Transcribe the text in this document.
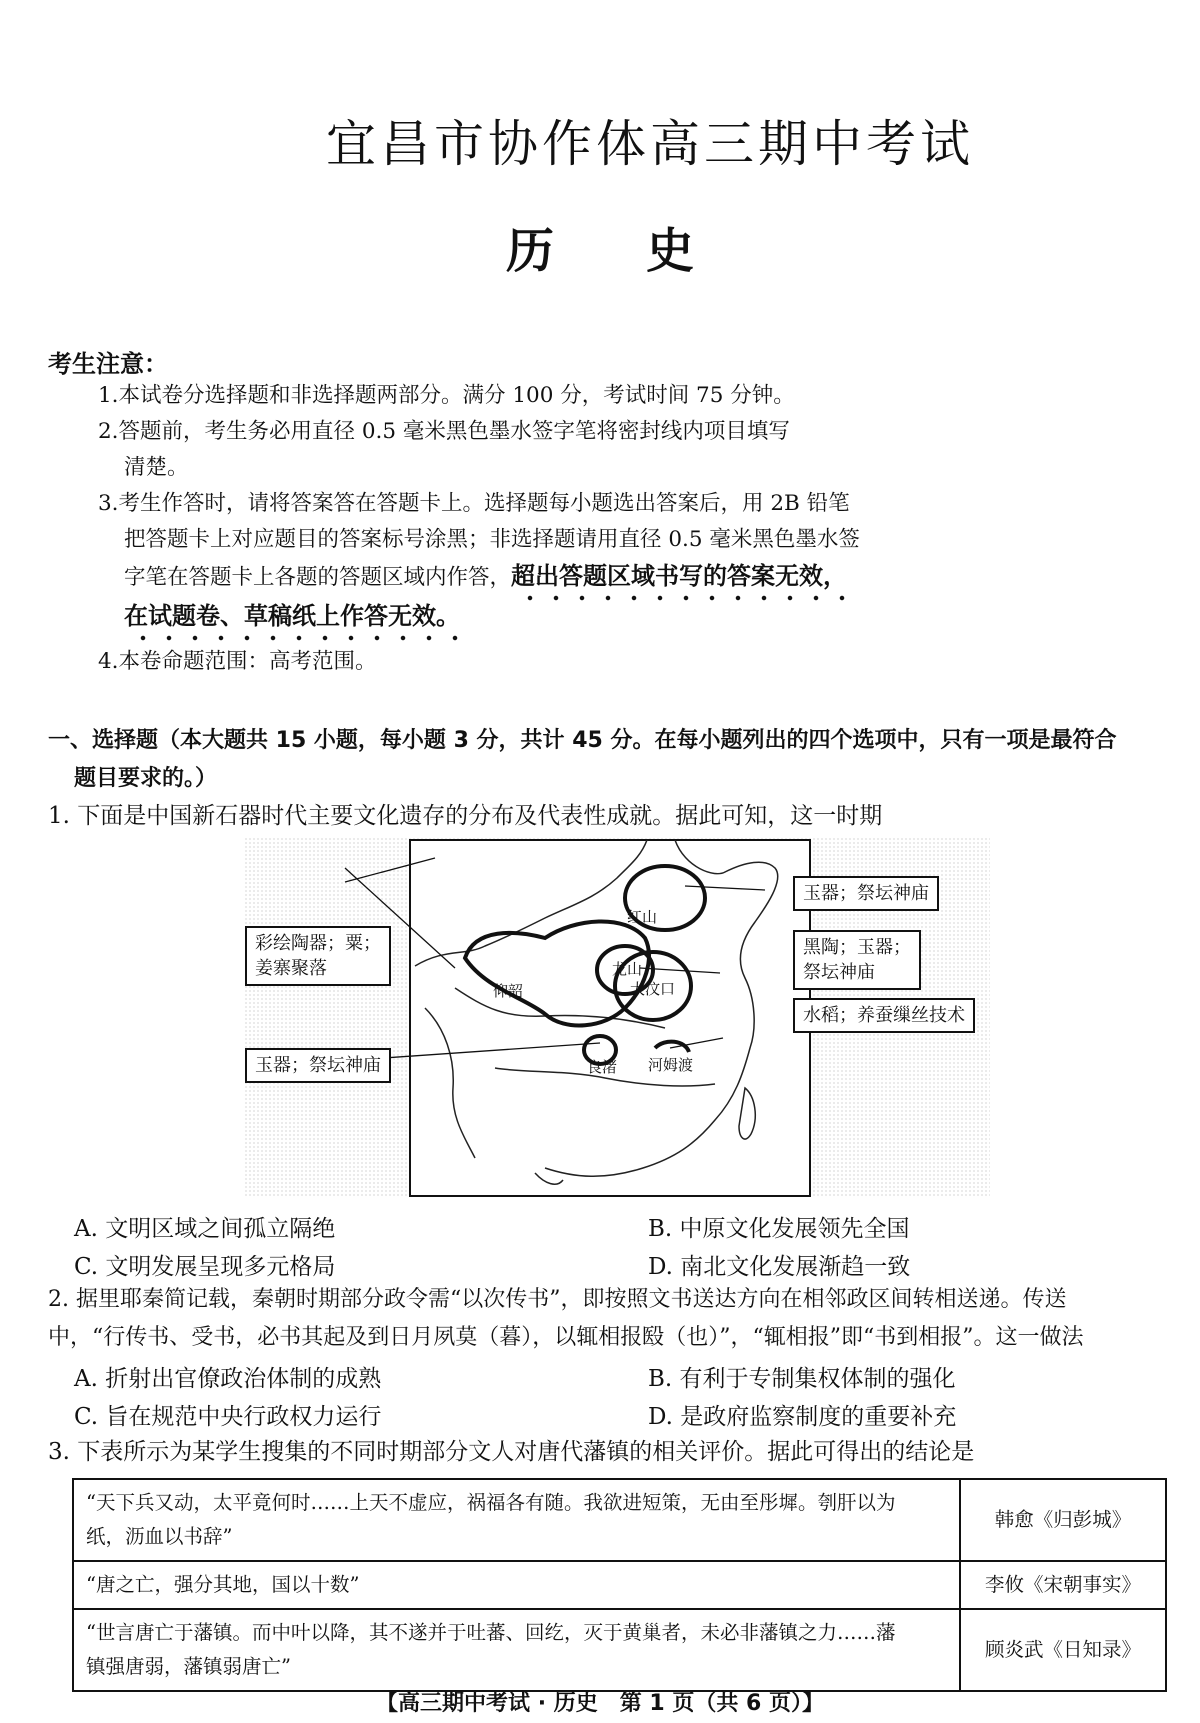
宜昌市协作体高三期中考试
历 史
考生注意：
1.本试卷分选择题和非选择题两部分。满分 100 分，考试时间 75 分钟。
2.答题前，考生务必用直径 0.5 毫米黑色墨水签字笔将密封线内项目填写
清楚。
3.考生作答时，请将答案答在答题卡上。选择题每小题选出答案后，用 2B 铅笔
把答题卡上对应题目的答案标号涂黑；非选择题请用直径 0.5 毫米黑色墨水签
字笔在答题卡上各题的答题区域内作答，超出答题区域书写的答案无效，
在试题卷、草稿纸上作答无效。
4.本卷命题范围：高考范围。
一、选择题（本大题共 15 小题，每小题 3 分，共计 45 分。在每小题列出的四个选项中，只有一项是最符合
题目要求的。）
1. 下面是中国新石器时代主要文化遗存的分布及代表性成就。据此可知，这一时期
红山
龙山
仰韶	大汶口
良渚 河姆渡
玉器；祭坛神庙
彩绘陶器；粟；
姜寨聚落
黑陶；玉器；
祭坛神庙
水稻；养蚕缫丝技术
玉器；祭坛神庙
A. 文明区域之间孤立隔绝	B. 中原文化发展领先全国
C. 文明发展呈现多元格局	D. 南北文化发展渐趋一致
2. 据里耶秦简记载，秦朝时期部分政令需“以次传书”，即按照文书送达方向在相邻政区间转相送递。传送
中，“行传书、受书，必书其起及到日月夙莫（暮），以辄相报殹（也）”，“辄相报”即“书到相报”。这一做法
A. 折射出官僚政治体制的成熟	B. 有利于专制集权体制的强化
C. 旨在规范中央行政权力运行	D. 是政府监察制度的重要补充
3. 下表所示为某学生搜集的不同时期部分文人对唐代藩镇的相关评价。据此可得出的结论是
“天下兵又动，太平竟何时……上天不虚应，祸福各有随。我欲进短策，无由至彤墀。刳肝以为
纸，沥血以书辞”	韩愈《归彭城》

“唐之亡，强分其地，国以十数”	李攸《宋朝事实》

“世言唐亡于藩镇。而中叶以降，其不遂并于吐蕃、回纥，灭于黄巢者，未必非藩镇之力……藩
镇强唐弱，藩镇弱唐亡”	顾炎武《日知录》
【高三期中考试 · 历史　第 1 页（共 6 页）】
